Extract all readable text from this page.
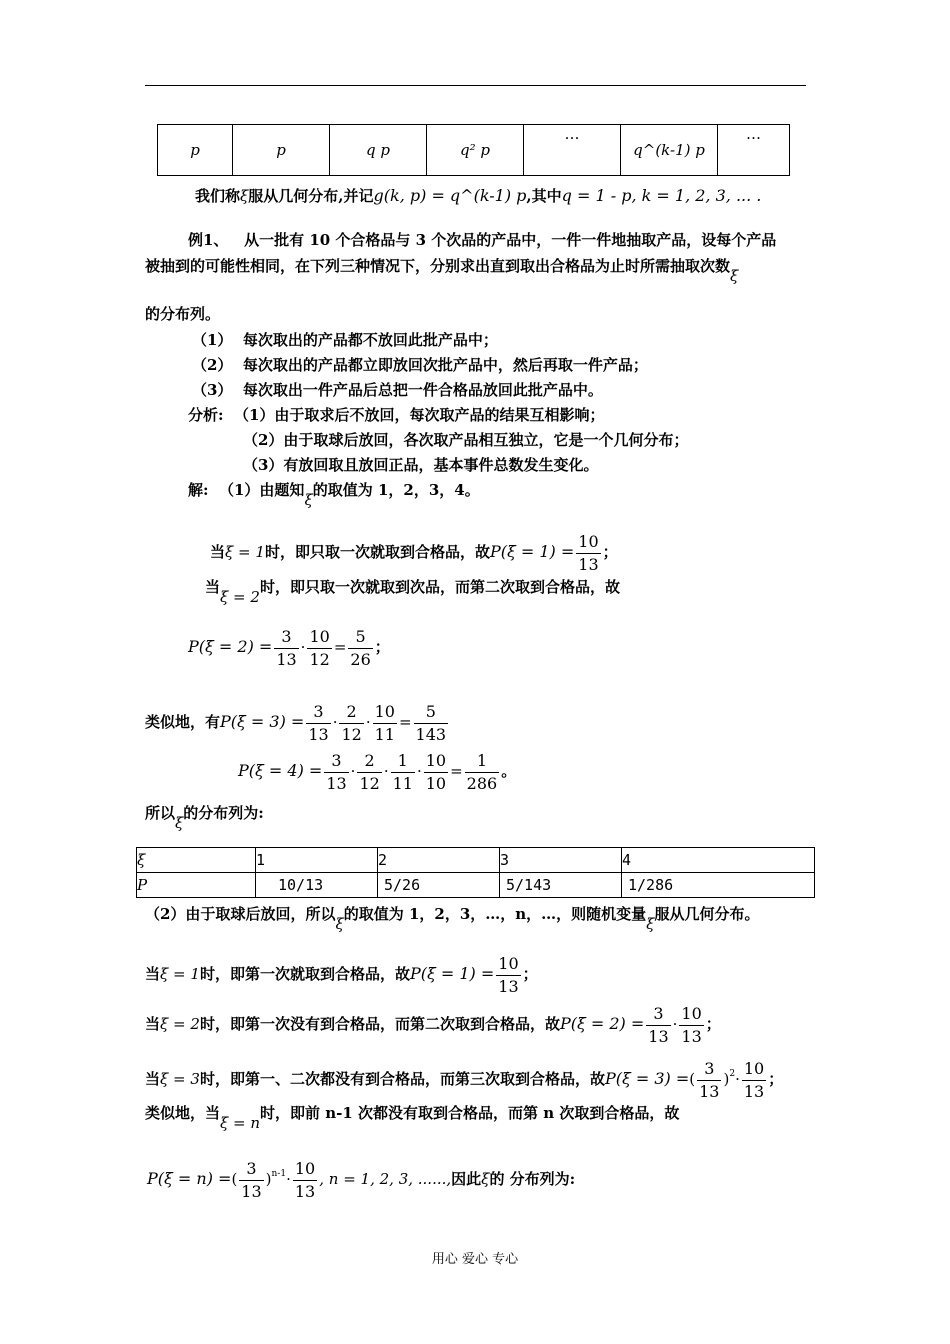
p	p	q p	q² p	…	q^(k-1) p	…
我们称ξ服从几何分布,并记g(k, p) = q^(k-1) p,其中q = 1 - p, k = 1, 2, 3, ... .
例1、 从一批有 10 个合格品与 3 个次品的产品中，一件一件地抽取产品，设每个产品
被抽到的可能性相同，在下列三种情况下，分别求出直到取出合格品为止时所需抽取次数ξ
的分布列。
（1） 每次取出的产品都不放回此批产品中；
（2） 每次取出的产品都立即放回次批产品中，然后再取一件产品；
（3） 每次取出一件产品后总把一件合格品放回此批产品中。
分析: （1）由于取求后不放回，每次取产品的结果互相影响；
（2）由于取球后放回，各次取产品相互独立，它是一个几何分布；
（3）有放回取且放回正品，基本事件总数发生变化。
解: （1）由题知ξ的取值为 1，2，3，4。
当ξ = 1时，即只取一次就取到合格品，故$P(\xi = 1) = \frac{10}{13}$ ；
当ξ = 2时，即只取一次就取到次品，而第二次取到合格品，故
$P(\xi = 2) = \frac{3}{13} \cdot \frac{10}{12} = \frac{5}{26}$ ；
类似地，有$P(\xi = 3) = \frac{3}{13} \cdot \frac{2}{12} \cdot \frac{10}{11} = \frac{5}{143}$
$P(\xi = 4) = \frac{3}{13} \cdot \frac{2}{12} \cdot \frac{1}{11} \cdot \frac{10}{10} = \frac{1}{286}$ 。
所以ξ的分布列为:
ξ	1	2	3	4
P	10/13	5/26	5/143	1/286
（2）由于取球后放回，所以ξ的取值为 1，2，3，…，n，…，则随机变量ξ服从几何分布。
当ξ = 1时，即第一次就取到合格品，故$P(\xi = 1) = \frac{10}{13}$ ；
当ξ = 2时，即第一次没有到合格品，而第二次取到合格品，故$P(\xi = 2) = \frac{3}{13} \cdot \frac{10}{13}$ ；
当ξ = 3时，即第一、二次都没有到合格品，而第三次取到合格品，故P(ξ = 3) =( $\frac{3}{13} )^2\cdot \frac{10}{13}$ ；
类似地，当ξ = n时，即前 n-1 次都没有取到合格品，而第 n 次取到合格品，故
P(ξ = n) =( $\frac{3}{13} )^{n-1}\cdot \frac{10}{13}$ , n = 1, 2, 3, ......,因此ξ的 分布列为:
用心 爱心 专心
